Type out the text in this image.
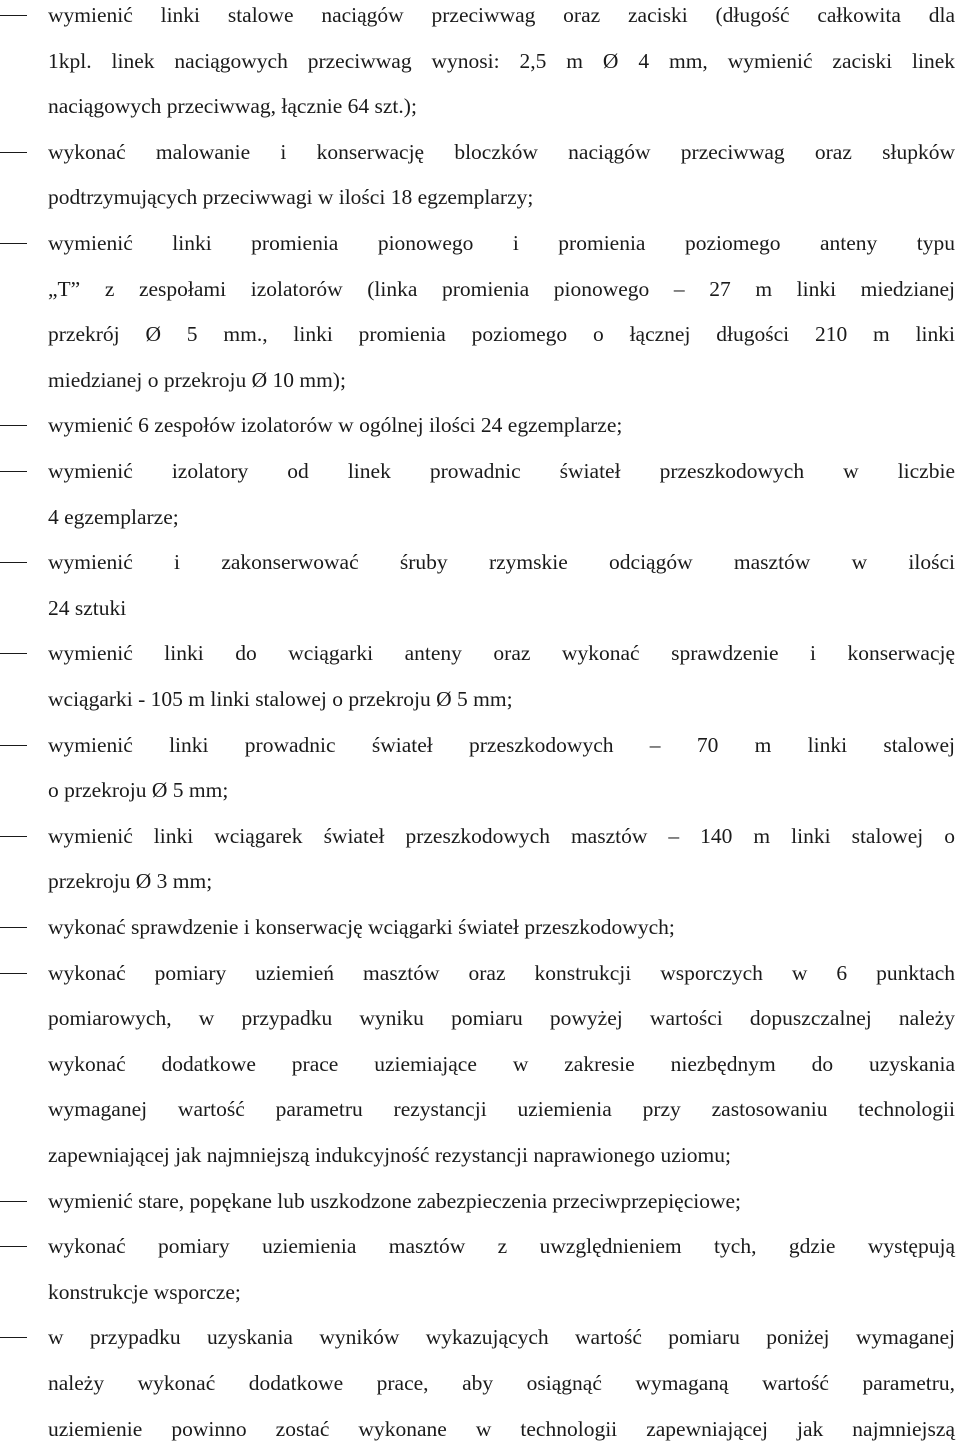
wymienić linki stalowe naciągów przeciwwag oraz zaciski (długość całkowita dla
1kpl. linek naciągowych przeciwwag wynosi: 2,5 m Ø 4 mm, wymienić zaciski linek
naciągowych przeciwwag, łącznie 64 szt.);
wykonać malowanie i konserwację bloczków naciągów przeciwwag oraz słupków
podtrzymujących przeciwwagi w ilości 18 egzemplarzy;
wymienić linki promienia pionowego i promienia poziomego anteny typu
„T” z zespołami izolatorów (linka promienia pionowego – 27 m linki miedzianej
przekrój Ø 5 mm., linki promienia poziomego o łącznej długości 210 m linki
miedzianej o przekroju Ø 10 mm);
wymienić 6 zespołów izolatorów w ogólnej ilości 24 egzemplarze;
wymienić izolatory od linek prowadnic świateł przeszkodowych w liczbie
4 egzemplarze;
wymienić i zakonserwować śruby rzymskie odciągów masztów w ilości
24 sztuki
wymienić linki do wciągarki anteny oraz wykonać sprawdzenie i konserwację
wciągarki - 105 m linki stalowej o przekroju Ø 5 mm;
wymienić linki prowadnic świateł przeszkodowych – 70 m linki stalowej
o przekroju Ø 5 mm;
wymienić linki wciągarek świateł przeszkodowych masztów – 140 m linki stalowej o
przekroju Ø 3 mm;
wykonać sprawdzenie i konserwację wciągarki świateł przeszkodowych;
wykonać pomiary uziemień masztów oraz konstrukcji wsporczych w 6 punktach
pomiarowych, w przypadku wyniku pomiaru powyżej wartości dopuszczalnej należy
wykonać dodatkowe prace uziemiające w zakresie niezbędnym do uzyskania
wymaganej wartość parametru rezystancji uziemienia przy zastosowaniu technologii
zapewniającej jak najmniejszą indukcyjność rezystancji naprawionego uziomu;
wymienić stare, popękane lub uszkodzone zabezpieczenia przeciwprzepięciowe;
wykonać pomiary uziemienia masztów z uwzględnieniem tych, gdzie występują
konstrukcje wsporcze;
w przypadku uzyskania wyników wykazujących wartość pomiaru poniżej wymaganej
należy wykonać dodatkowe prace, aby osiągnąć wymaganą wartość parametru,
uziemienie powinno zostać wykonane w technologii zapewniającej jak najmniejszą
